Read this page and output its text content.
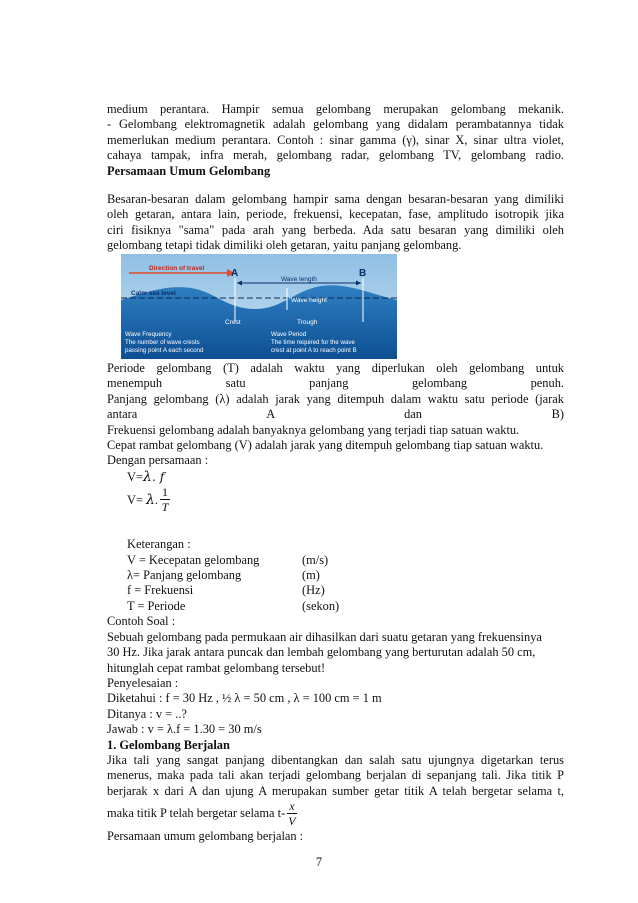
medium perantara. Hampir semua gelombang merupakan gelombang mekanik.

- Gelombang elektromagnetik adalah gelombang yang didalam perambatannya tidak

memerlukan medium perantara. Contoh : sinar gamma (γ), sinar X, sinar ultra violet,

cahaya tampak, infra merah, gelombang radar, gelombang TV, gelombang radio.

Persamaan Umum Gelombang

Besaran-besaran dalam gelombang hampir sama dengan besaran-besaran yang dimiliki

oleh getaran, antara lain, periode, frekuensi, kecepatan, fase, amplitudo isotropik jika

ciri fisiknya "sama" pada arah yang berbeda. Ada satu besaran yang dimiliki oleh

gelombang tetapi tidak dimiliki oleh getaran, yaitu panjang gelombang.

Direction of travel	A	B
Wave length
Wave height
Calm sea level
Crest	Trough
Wave Frequency
The number of wave crests
passing point A each second
Wave Period
The time required for the wave
crest at point A to reach point B

Periode gelombang (T) adalah waktu yang diperlukan oleh gelombang untuk

menempuh satu panjang gelombang penuh.

Panjang gelombang (λ) adalah jarak yang ditempuh dalam waktu satu periode (jarak

antara A dan B)

Frekuensi gelombang adalah banyaknya gelombang yang terjadi tiap satuan waktu.

Cepat rambat gelombang (V) adalah jarak yang ditempuh gelombang tiap satuan waktu.

Dengan persamaan :

V=λ. f

V=
λ . $\frac{1}{T}$

Keterangan :

V = Kecepatan gelombang	(m/s)
λ= Panjang gelombang	(m)
f = Frekuensi	(Hz)
T = Periode	(sekon)

Contoh Soal :

Sebuah gelombang pada permukaan air dihasilkan dari suatu getaran yang frekuensinya

30 Hz. Jika jarak antara puncak dan lembah gelombang yang berturutan adalah 50 cm,

hitunglah cepat rambat gelombang tersebut!

Penyelesaian :

Diketahui : f = 30 Hz , ½ λ = 50 cm , λ = 100 cm = 1 m

Ditanya : v = ..?

Jawab : v = λ.f = 1.30 = 30 m/s

1. Gelombang Berjalan

Jika tali yang sangat panjang dibentangkan dan salah satu ujungnya digetarkan terus

menerus, maka pada tali akan terjadi gelombang berjalan di sepanjang tali. Jika titik P

berjarak x dari A dan ujung A merupakan sumber getar titik A telah bergetar selama t,

maka titik P telah bergetar selama $t- \frac{x}{V}$

Persamaan umum gelombang berjalan :

7
